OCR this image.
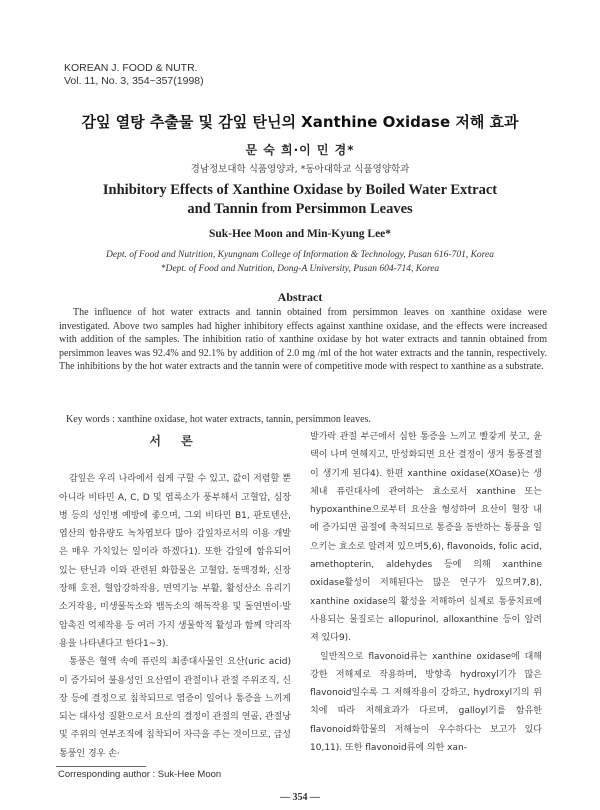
KOREAN J. FOOD & NUTR.
Vol. 11, No. 3, 354~357(1998)
감잎 열탕 추출물 및 감잎 탄닌의 Xanthine Oxidase 저해 효과
문 숙 희·이 민 경*
경남정보대학 식품영양과, *동아대학교 식품영양학과
Inhibitory Effects of Xanthine Oxidase by Boiled Water Extract
and Tannin from Persimmon Leaves
Suk-Hee Moon and Min-Kyung Lee*
Dept. of Food and Nutrition, Kyungnam College of Information & Technology, Pusan 616-701, Korea
*Dept. of Food and Nutrition, Dong-A University, Pusan 604-714, Korea
Abstract

The influence of hot water extracts and tannin obtained from persimmon leaves on xanthine oxidase were investigated. Above two samples had higher inhibitory effects against xanthine oxidase, and the effects were increased with addition of the samples. The inhibition ratio of xanthine oxidase by hot water extracts and tannin obtained from persimmon leaves was 92.4% and 92.1% by addition of 2.0 mg /ml of the hot water extracts and the tannin, respectively. The inhibitions by the hot water extracts and the tannin were of competitive mode with respect to xanthine as a substrate.

Key words : xanthine oxidase, hot water extracts, tannin, persimmon leaves.
서 론

감잎은 우리 나라에서 쉽게 구할 수 있고, 값이 저렴할 뿐 아니라 비타민 A, C, D 및 엽록소가 풍부해서 고혈압, 심장병 등의 성인병 예방에 좋으며, 그외 비타민 B1, 판토텐산, 엽산의 함유량도 녹차엽보다 많아 감잎차로서의 이용 개발은 매우 가치있는 일이라 하겠다1). 또한 감잎에 함유되어 있는 탄닌과 이와 관련된 화합물은 고혈압, 동맥경화, 신장장해 호전, 혈압강하작용, 면역기능 부활, 활성산소 유리기 소거작용, 미생물독소와 뱀독소의 해독작용 및 돌연변이·발암촉진 억제작용 등 여러 가지 생물학적 활성과 함께 약리작용을 나타낸다고 한다1~3).

통풍은 혈액 속에 퓨린의 최종대사물인 요산(uric acid)이 증가되어 불용성인 요산염이 관절이나 관절 주위조직, 신장 등에 결정으로 침착되므로 염증이 일어나 통증을 느끼게 되는 대사성 질환으로서 요산의 결정이 관절의 연골, 관절낭 및 주위의 연부조직에 침착되어 자극을 주는 것이므로, 급성통풍인 경우 손·

발가락 관절 부근에서 심한 통증을 느끼고 빨갛게 붓고, 윤택이 나며 연해지고, 만성화되면 요산 결정이 생겨 통풍결절이 생기게 된다4). 한편 xanthine oxidase(XOase)는 생체내 퓨린대사에 관여하는 효소로서 xanthine 또는 hypoxanthine으로부터 요산을 형성하여 요산이 혈장 내에 증가되면 골절에 축적되므로 통증을 동반하는 통풍을 일으키는 효소로 알려져 있으며5,6), flavonoids, folic acid, amethopterin, aldehydes 등에 의해 xanthine oxidase활성이 저해된다는 많은 연구가 있으며7,8), xanthine oxidase의 활성을 저해하여 실제로 통풍치료에 사용되는 물질로는 allopurinol, alloxanthine 등이 알려져 있다9).

일반적으로 flavonoid류는 xanthine oxidase에 대해 강한 저해제로 작용하며, 방향족 hydroxyl기가 많은 flavonoid일수록 그 저해작용이 강하고, hydroxyl기의 위치에 따라 저해효과가 다르며, galloyl기를 함유한 flavonoid화합물의 저해능이 우수하다는 보고가 있다10,11). 또한 flavonoid류에 의한 xan-

Corresponding author : Suk-Hee Moon
— 354 —
